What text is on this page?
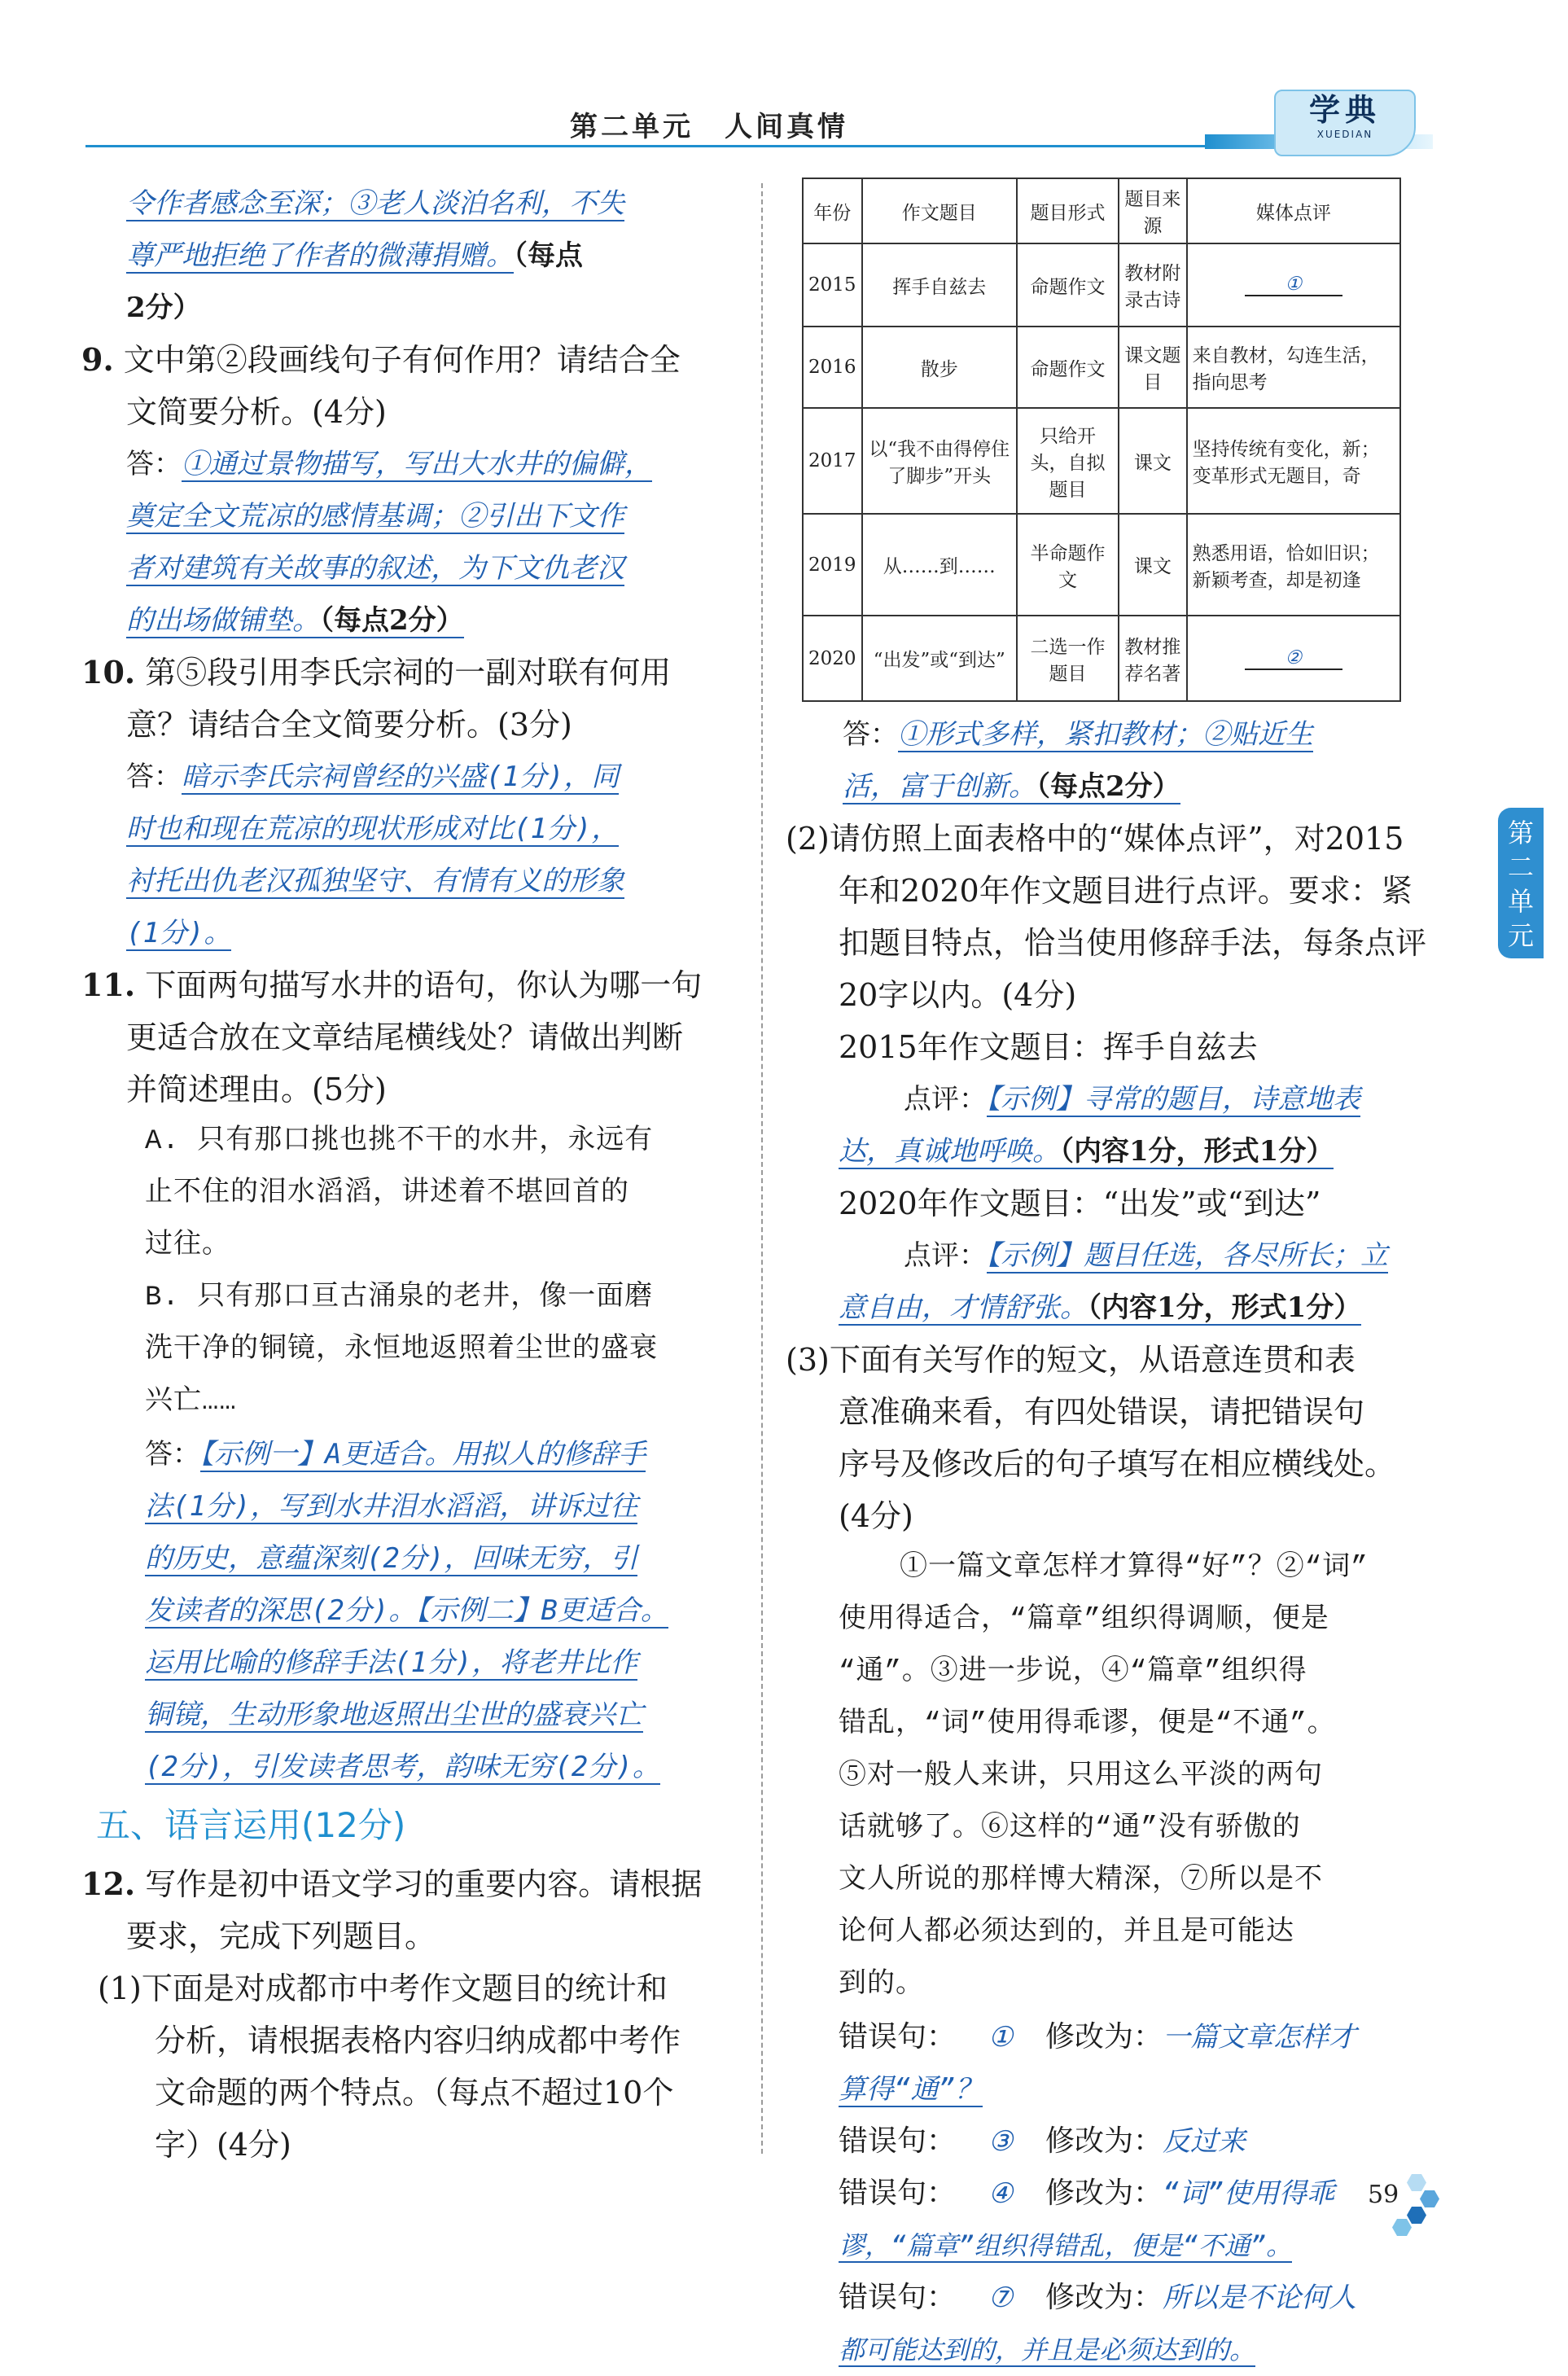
第二单元　人间真情	学典
XUEDIAN

令作者感念至深；③老人淡泊名利，不失

尊严地拒绝了作者的微薄捐赠。（每点

2分）

9. 文中第②段画线句子有何作用？请结合全

文简要分析。(4分)

答：①通过景物描写，写出大水井的偏僻，

奠定全文荒凉的感情基调；②引出下文作

者对建筑有关故事的叙述，为下文仇老汉

的出场做铺垫。（每点2分）

10. 第⑤段引用李氏宗祠的一副对联有何用

意？请结合全文简要分析。(3分)

答：暗示李氏宗祠曾经的兴盛(1分)，同

时也和现在荒凉的现状形成对比(1分)，

衬托出仇老汉孤独坚守、有情有义的形象

(1分)。

11. 下面两句描写水井的语句，你认为哪一句

更适合放在文章结尾横线处？请做出判断

并简述理由。(5分)

A. 只有那口挑也挑不干的水井，永远有

止不住的泪水滔滔，讲述着不堪回首的

过往。

B. 只有那口亘古涌泉的老井，像一面磨

洗干净的铜镜，永恒地返照着尘世的盛衰

兴亡……

答：【示例一】A更适合。用拟人的修辞手

法(1分)，写到水井泪水滔滔，讲诉过往

的历史，意蕴深刻(2分)，回味无穷，引

发读者的深思(2分)。【示例二】B更适合。

运用比喻的修辞手法(1分)，将老井比作

铜镜，生动形象地返照出尘世的盛衰兴亡

(2分)，引发读者思考，韵味无穷(2分)。

五、语言运用(12分)

12. 写作是初中语文学习的重要内容。请根据

要求，完成下列题目。

(1)下面是对成都市中考作文题目的统计和

分析，请根据表格内容归纳成都中考作

文命题的两个特点。（每点不超过10个

字）(4分)

年份	作文题目	题目形式	题目来源	媒体点评
2015	挥手自兹去	命题作文	教材附录古诗	①
2016	散步	命题作文	课文题目	来自教材，勾连生活，指向思考
2017	以“我不由得停住了脚步”开头	只给开头，自拟题目	课文	坚持传统有变化，新；变革形式无题目，奇
2019	从……到……	半命题作文	课文	熟悉用语，恰如旧识；新颖考查，却是初逢
2020	“出发”或“到达”	二选一作题目	教材推荐名著	②

答：①形式多样，紧扣教材；②贴近生

活，富于创新。（每点2分）

(2)请仿照上面表格中的“媒体点评”，对2015

年和2020年作文题目进行点评。要求：紧

扣题目特点，恰当使用修辞手法，每条点评

20字以内。(4分)

2015年作文题目：挥手自兹去

点评：【示例】寻常的题目，诗意地表

达，真诚地呼唤。（内容1分，形式1分）

2020年作文题目：“出发”或“到达”

点评：【示例】题目任选，各尽所长；立

意自由，才情舒张。（内容1分，形式1分）

(3)下面有关写作的短文，从语意连贯和表

意准确来看，有四处错误，请把错误句

序号及修改后的句子填写在相应横线处。

(4分)

①一篇文章怎样才算得“好”？②“词”

使用得适合，“篇章”组织得调顺，便是

“通”。③进一步说，④“篇章”组织得

错乱，“词”使用得乖谬，便是“不通”。

⑤对一般人来讲，只用这么平淡的两句

话就够了。⑥这样的“通”没有骄傲的

文人所说的那样博大精深，⑦所以是不

论何人都必须达到的，并且是可能达

到的。

错误句： ① 修改为：一篇文章怎样才

算得“通”？

错误句： ③ 修改为：反过来

错误句： ④ 修改为：“词”使用得乖

谬，“篇章”组织得错乱，便是“不通”。

错误句： ⑦ 修改为：所以是不论何人

都可能达到的，并且是必须达到的。

第
二
单
元
59
